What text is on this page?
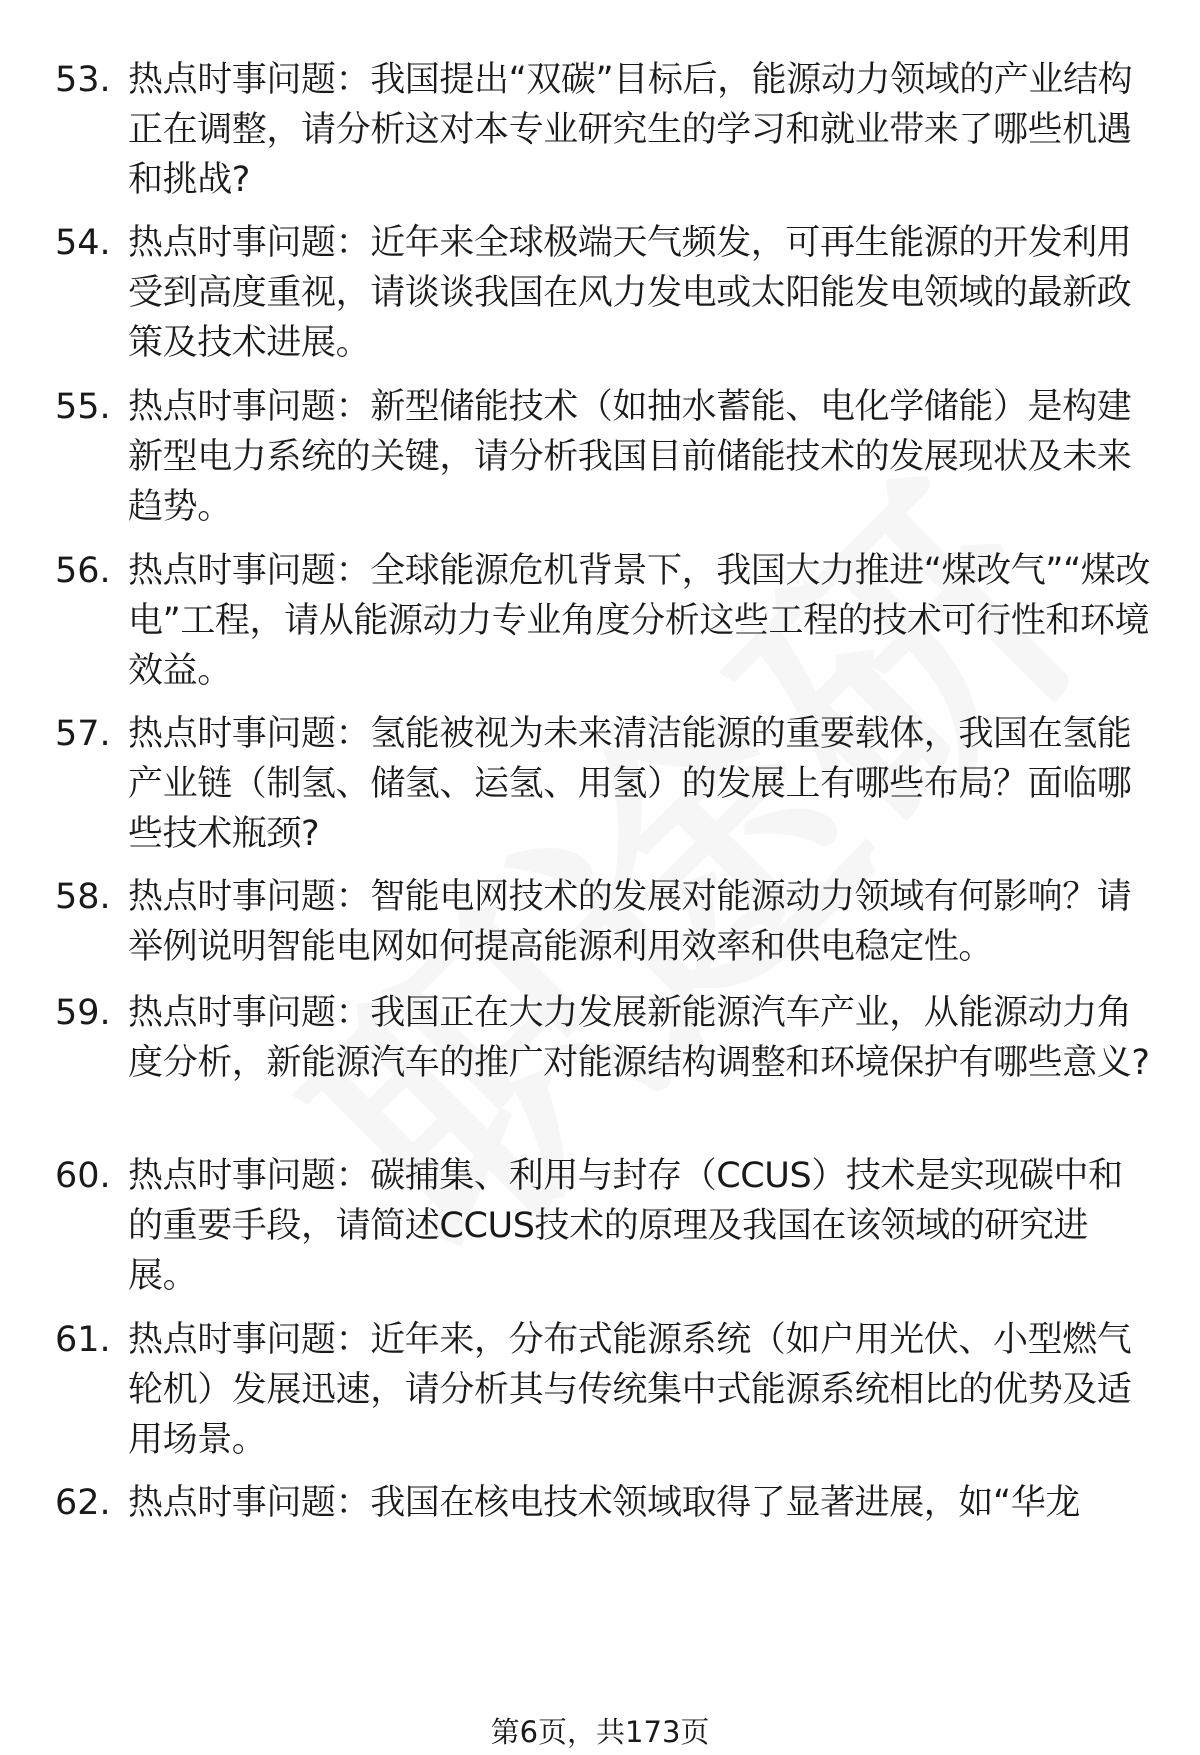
53. 热点时事问题：我国提出“双碳”目标后，能源动力领域的产业结构正在调整，请分析这对本专业研究生的学习和就业带来了哪些机遇和挑战?
54. 热点时事问题：近年来全球极端天气频发，可再生能源的开发利用受到高度重视，请谈谈我国在风力发电或太阳能发电领域的最新政策及技术进展。
55. 热点时事问题：新型储能技术（如抽水蓄能、电化学储能）是构建新型电力系统的关键，请分析我国目前储能技术的发展现状及未来趋势。
56. 热点时事问题：全球能源危机背景下，我国大力推进“煤改气”“煤改电”工程，请从能源动力专业角度分析这些工程的技术可行性和环境效益。
57. 热点时事问题：氢能被视为未来清洁能源的重要载体，我国在氢能产业链（制氢、储氢、运氢、用氢）的发展上有哪些布局？面临哪些技术瓶颈?
58. 热点时事问题：智能电网技术的发展对能源动力领域有何影响？请举例说明智能电网如何提高能源利用效率和供电稳定性。
59. 热点时事问题：我国正在大力发展新能源汽车产业，从能源动力角度分析，新能源汽车的推广对能源结构调整和环境保护有哪些意义?
60. 热点时事问题：碳捕集、利用与封存（CCUS）技术是实现碳中和的重要手段，请简述CCUS技术的原理及我国在该领域的研究进展。
61. 热点时事问题：近年来，分布式能源系统（如户用光伏、小型燃气轮机）发展迅速，请分析其与传统集中式能源系统相比的优势及适用场景。
62. 热点时事问题：我国在核电技术领域取得了显著进展，如“华龙
第6页，共173页
